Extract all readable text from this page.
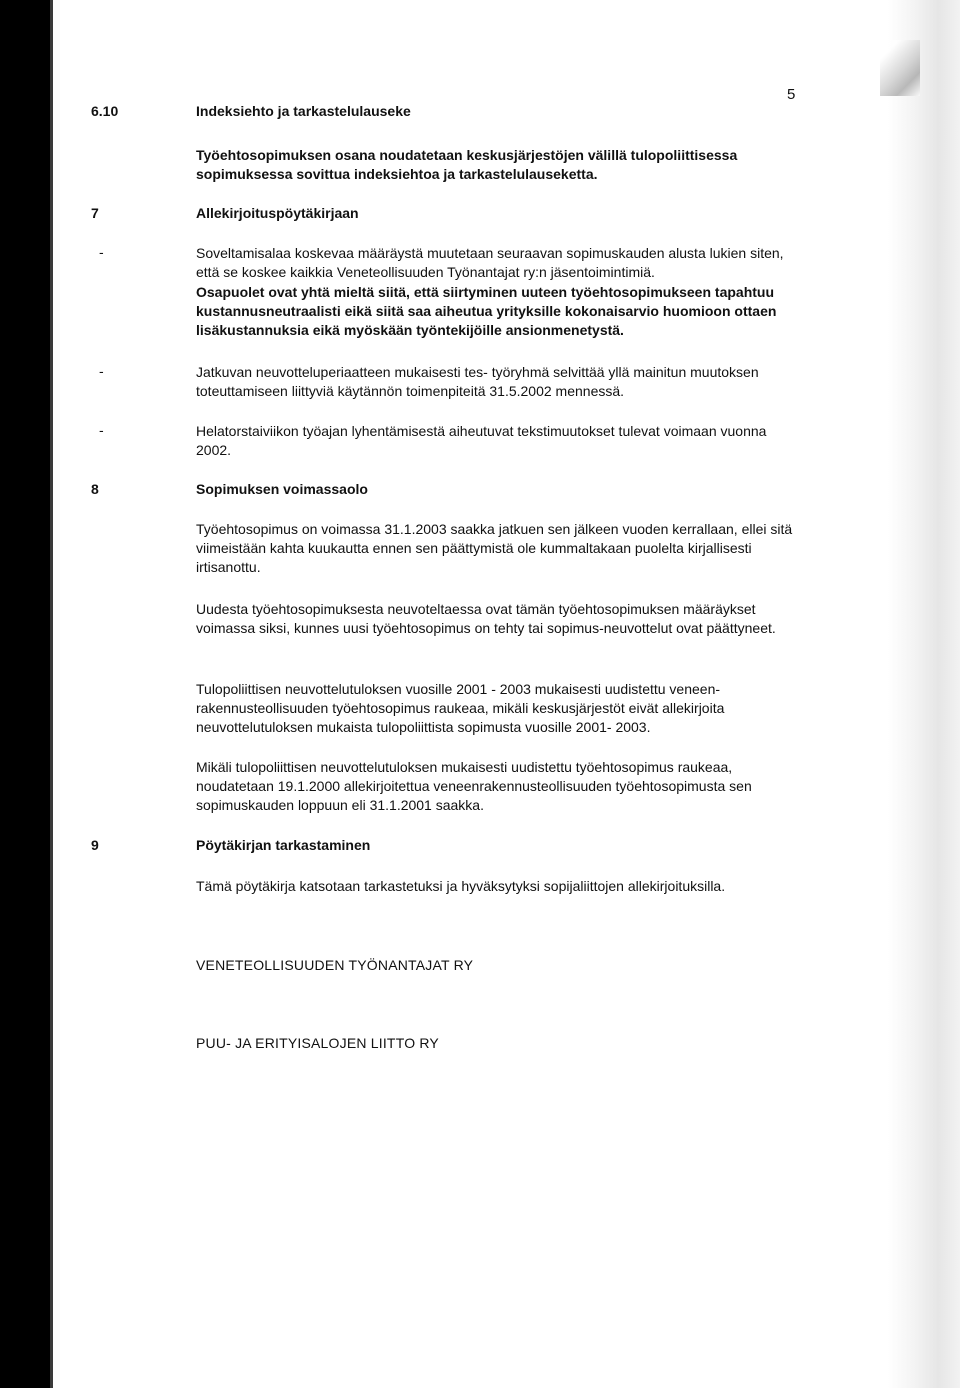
5
6.10	Indeksiehto ja tarkastelulauseke
Työehtosopimuksen osana noudatetaan keskusjärjestöjen välillä tulopoliittisessa sopimuksessa sovittua indeksiehtoa ja tarkastelulauseketta.
7	Allekirjoituspöytäkirjaan
-	Soveltamisalaa koskevaa määräystä muutetaan seuraavan sopimuskauden alusta lukien siten, että se koskee kaikkia Veneteollisuuden Työnantajat ry:n jäsentoimintimiä.
Osapuolet ovat yhtä mieltä siitä, että siirtyminen uuteen työehtosopimukseen tapahtuu kustannusneutraalisti eikä siitä saa aiheutua yrityksille kokonaisarvio huomioon ottaen lisäkustannuksia eikä myöskään työntekijöille ansionmenetystä.
-	Jatkuvan neuvotteluperiaatteen mukaisesti tes- työryhmä selvittää yllä mainitun muutoksen toteuttamiseen liittyviä käytännön toimenpiteitä 31.5.2002 mennessä.
-	Helatorstaiviikon työajan lyhentämisestä aiheutuvat tekstimuutokset tulevat voimaan vuonna 2002.
8	Sopimuksen voimassaolo
Työehtosopimus on voimassa 31.1.2003 saakka jatkuen sen jälkeen vuoden kerrallaan, ellei sitä viimeistään kahta kuukautta ennen sen päättymistä ole kummaltakaan puolelta kirjallisesti irtisanottu.
Uudesta työehtosopimuksesta neuvoteltaessa ovat tämän työehtosopimuksen määräykset voimassa siksi, kunnes uusi työehtosopimus on tehty tai sopimus-neuvottelut ovat päättyneet.
Tulopoliittisen neuvottelutuloksen vuosille 2001 - 2003 mukaisesti uudistettu veneen-rakennusteollisuuden työehtosopimus raukeaa, mikäli keskusjärjestöt eivät allekirjoita neuvottelutuloksen mukaista tulopoliittista sopimusta vuosille 2001- 2003.
Mikäli tulopoliittisen neuvottelutuloksen mukaisesti uudistettu työehtosopimus raukeaa, noudatetaan 19.1.2000 allekirjoitettua veneenrakennusteollisuuden työehtosopimusta sen sopimuskauden loppuun eli 31.1.2001 saakka.
9	Pöytäkirjan tarkastaminen
Tämä pöytäkirja katsotaan tarkastetuksi ja hyväksytyksi sopijaliittojen allekirjoituksilla.
VENETEOLLISUUDEN TYÖNANTAJAT RY
PUU- JA ERITYISALOJEN LIITTO RY
